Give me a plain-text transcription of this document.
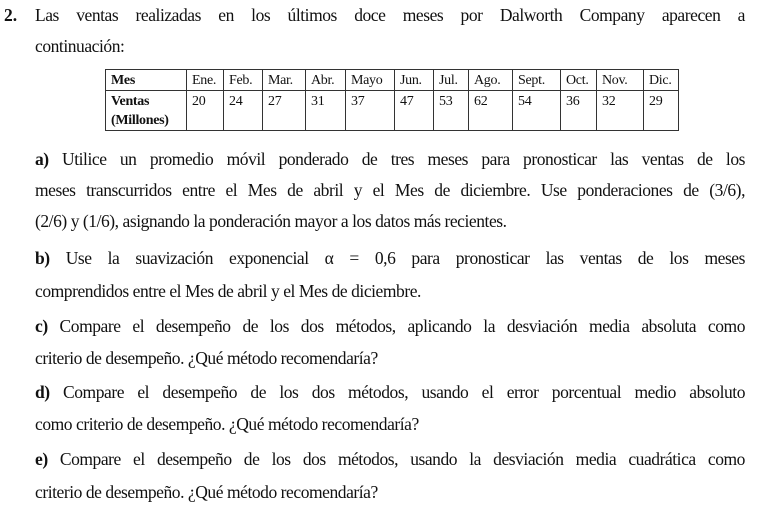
2. Las ventas realizadas en los últimos doce meses por Dalworth Company aparecen a
continuación:
Mes	Ene.	Feb.	Mar.	Abr.	Mayo	Jun.	Jul.	Ago.	Sept.	Oct.	Nov.	Dic.
Ventas
(Millones)	20	24	27	31	37	47	53	62	54	36	32	29
a) Utilice un promedio móvil ponderado de tres meses para pronosticar las ventas de los
meses transcurridos entre el Mes de abril y el Mes de diciembre. Use ponderaciones de (3/6),
(2/6) y (1/6), asignando la ponderación mayor a los datos más recientes.
b) Use la suavización exponencial α = 0,6 para pronosticar las ventas de los meses
comprendidos entre el Mes de abril y el Mes de diciembre.
c) Compare el desempeño de los dos métodos, aplicando la desviación media absoluta como
criterio de desempeño. ¿Qué método recomendaría?
d) Compare el desempeño de los dos métodos, usando el error porcentual medio absoluto
como criterio de desempeño. ¿Qué método recomendaría?
e) Compare el desempeño de los dos métodos, usando la desviación media cuadrática como
criterio de desempeño. ¿Qué método recomendaría?
